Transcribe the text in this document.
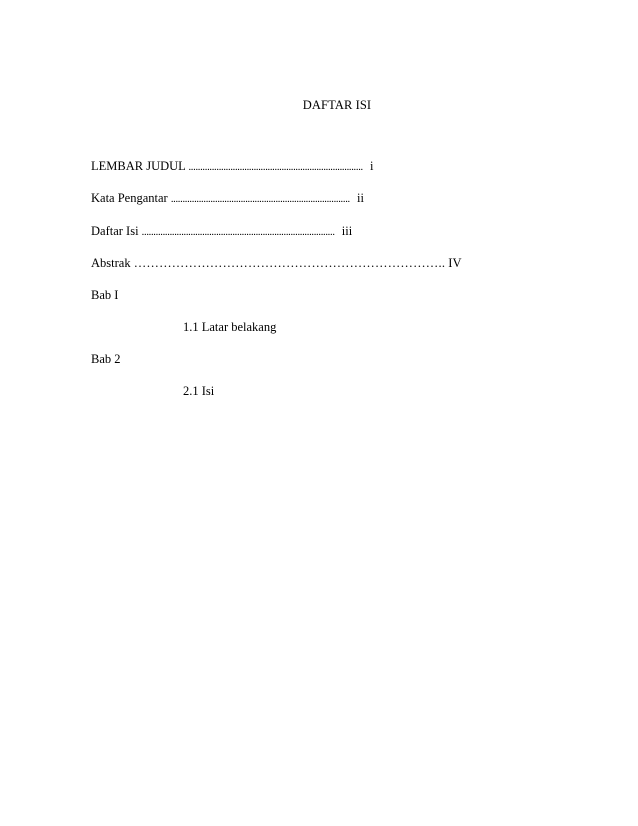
DAFTAR ISI
LEMBAR JUDUL ........................................................................... i
Kata Pengantar ............................................................................. ii
Daftar Isi ................................................................................... iii
Abstrak ……………………………………………………………….. IV
Bab I
1.1 Latar belakang
Bab 2
2.1 Isi
